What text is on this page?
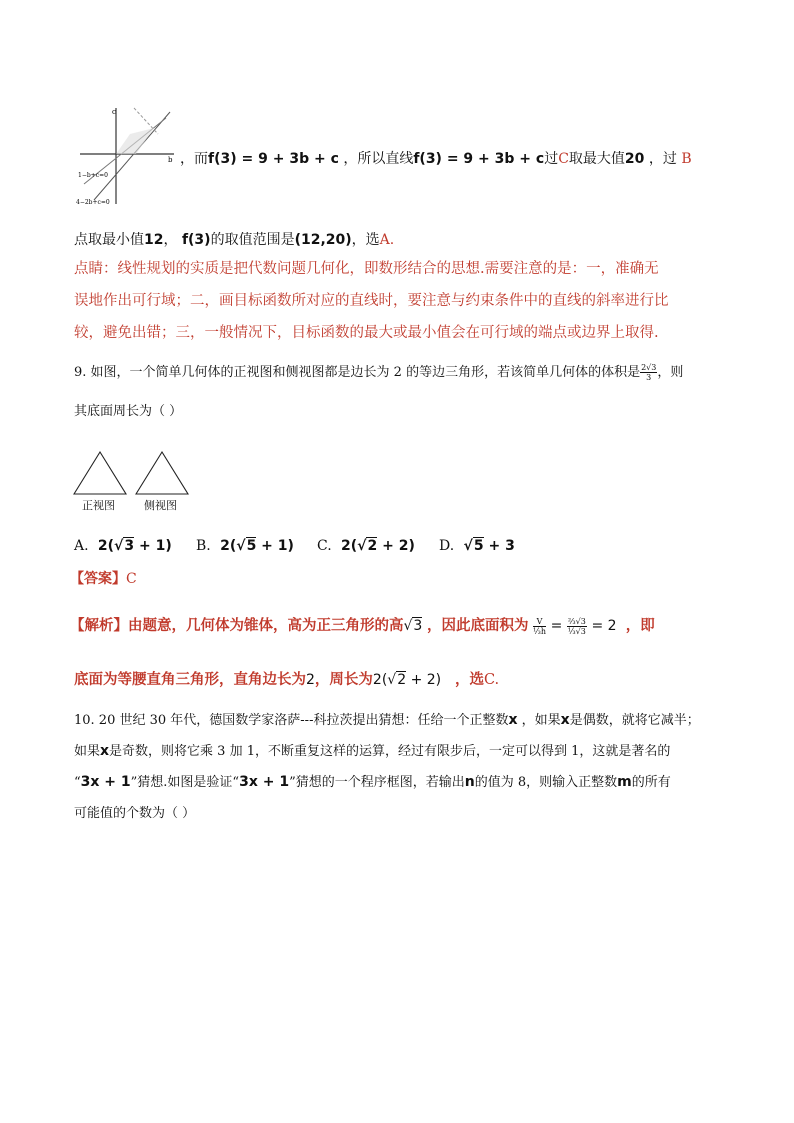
c
b
1−b+c=0
4−2b+c=0
，而f(3) = 9 + 3b + c ，所以直线f(3) = 9 + 3b + c过C取最大值20 ，过 B
点取最小值12， f(3)的取值范围是(12,20)，选A.
点睛：线性规划的实质是把代数问题几何化，即数形结合的思想.需要注意的是：一，准确无
误地作出可行域；二，画目标函数所对应的直线时，要注意与约束条件中的直线的斜率进行比
较，避免出错；三，一般情况下，目标函数的最大或最小值会在可行域的端点或边界上取得.
9. 如图，一个简单几何体的正视图和侧视图都是边长为 2 的等边三角形，若该简单几何体的体积是 $\frac{2√3}{3}$ ，则
其底面周长为（ ）
正视图	侧视图
A. 2(√3 + 1) B. 2(√5 + 1) C. 2(√2 + 2) D.  √5 + 3
【答案】C
【解析】由题意，几何体为锥体，高为正三角形的高√3 ，因此底面积为 $\frac{V}{\text{⅓h}} = \frac{\text{⅔√3}}{\text{⅓√3}} = 2$ ，即
底面为等腰直角三角形，直角边长为2，周长为2(√2 + 2) ，选C.
10. 20 世纪 30 年代，德国数学家洛萨---科拉茨提出猜想：任给一个正整数x ，如果x是偶数，就将它减半；
如果x是奇数，则将它乘 3 加 1，不断重复这样的运算，经过有限步后，一定可以得到 1，这就是著名的
“3x + 1”猜想.如图是验证“3x + 1”猜想的一个程序框图，若输出n的值为 8，则输入正整数m的所有
可能值的个数为（ ）
